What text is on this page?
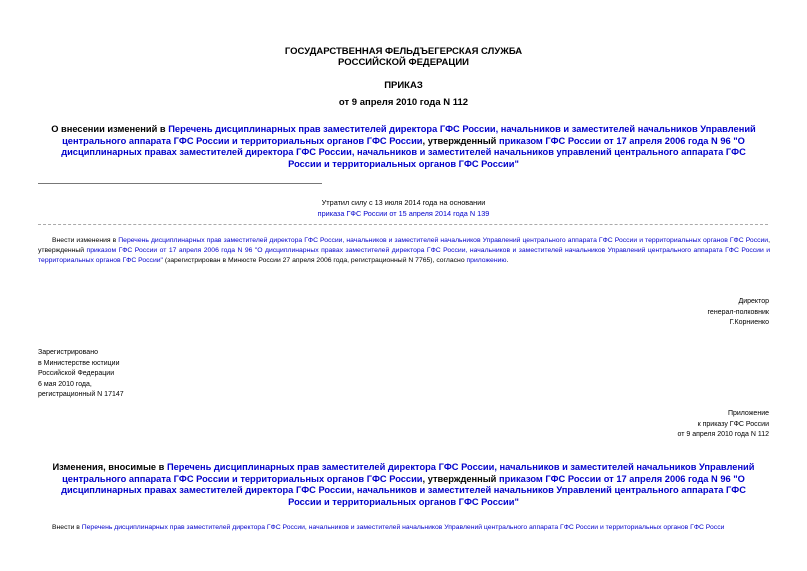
ГОСУДАРСТВЕННАЯ ФЕЛЬДЪЕГЕРСКАЯ СЛУЖБА
РОССИЙСКОЙ ФЕДЕРАЦИИ
ПРИКАЗ
от 9 апреля 2010 года N 112
О внесении изменений в Перечень дисциплинарных прав заместителей директора ГФС России, начальников и заместителей начальников Управлений центрального аппарата ГФС России и территориальных органов ГФС России, утвержденный приказом ГФС России от 17 апреля 2006 года N 96 "О дисциплинарных правах заместителей директора ГФС России, начальников и заместителей начальников управлений центрального аппарата ГФС России и территориальных органов ГФС России"
Утратил силу с 13 июля 2014 года на основании
приказа ГФС России от 15 апреля 2014 года N 139
Внести изменения в Перечень дисциплинарных прав заместителей директора ГФС России, начальников и заместителей начальников Управлений центрального аппарата ГФС России и территориальных органов ГФС России, утвержденный приказом ГФС России от 17 апреля 2006 года N 96 "О дисциплинарных правах заместителей директора ГФС России, начальников и заместителей начальников Управлений центрального аппарата ГФС России и территориальных органов ГФС России" (зарегистрирован в Минюсте России 27 апреля 2006 года, регистрационный N 7765), согласно приложению.
Директор
генерал-полковник
Г.Корниенко
Зарегистрировано
в Министерстве юстиции
Российской Федерации
6 мая 2010 года,
регистрационный N 17147
Приложение
к приказу ГФС России
от 9 апреля 2010 года N 112
Изменения, вносимые в Перечень дисциплинарных прав заместителей директора ГФС России, начальников и заместителей начальников Управлений центрального аппарата ГФС России и территориальных органов ГФС России, утвержденный приказом ГФС России от 17 апреля 2006 года N 96 "О дисциплинарных правах заместителей директора ГФС России, начальников и заместителей начальников Управлений центрального аппарата ГФС России и территориальных органов ГФС России"
Внести в Перечень дисциплинарных прав заместителей директора ГФС России, начальников и заместителей начальников Управлений центрального аппарата ГФС России и территориальных органов ГФС Росси
